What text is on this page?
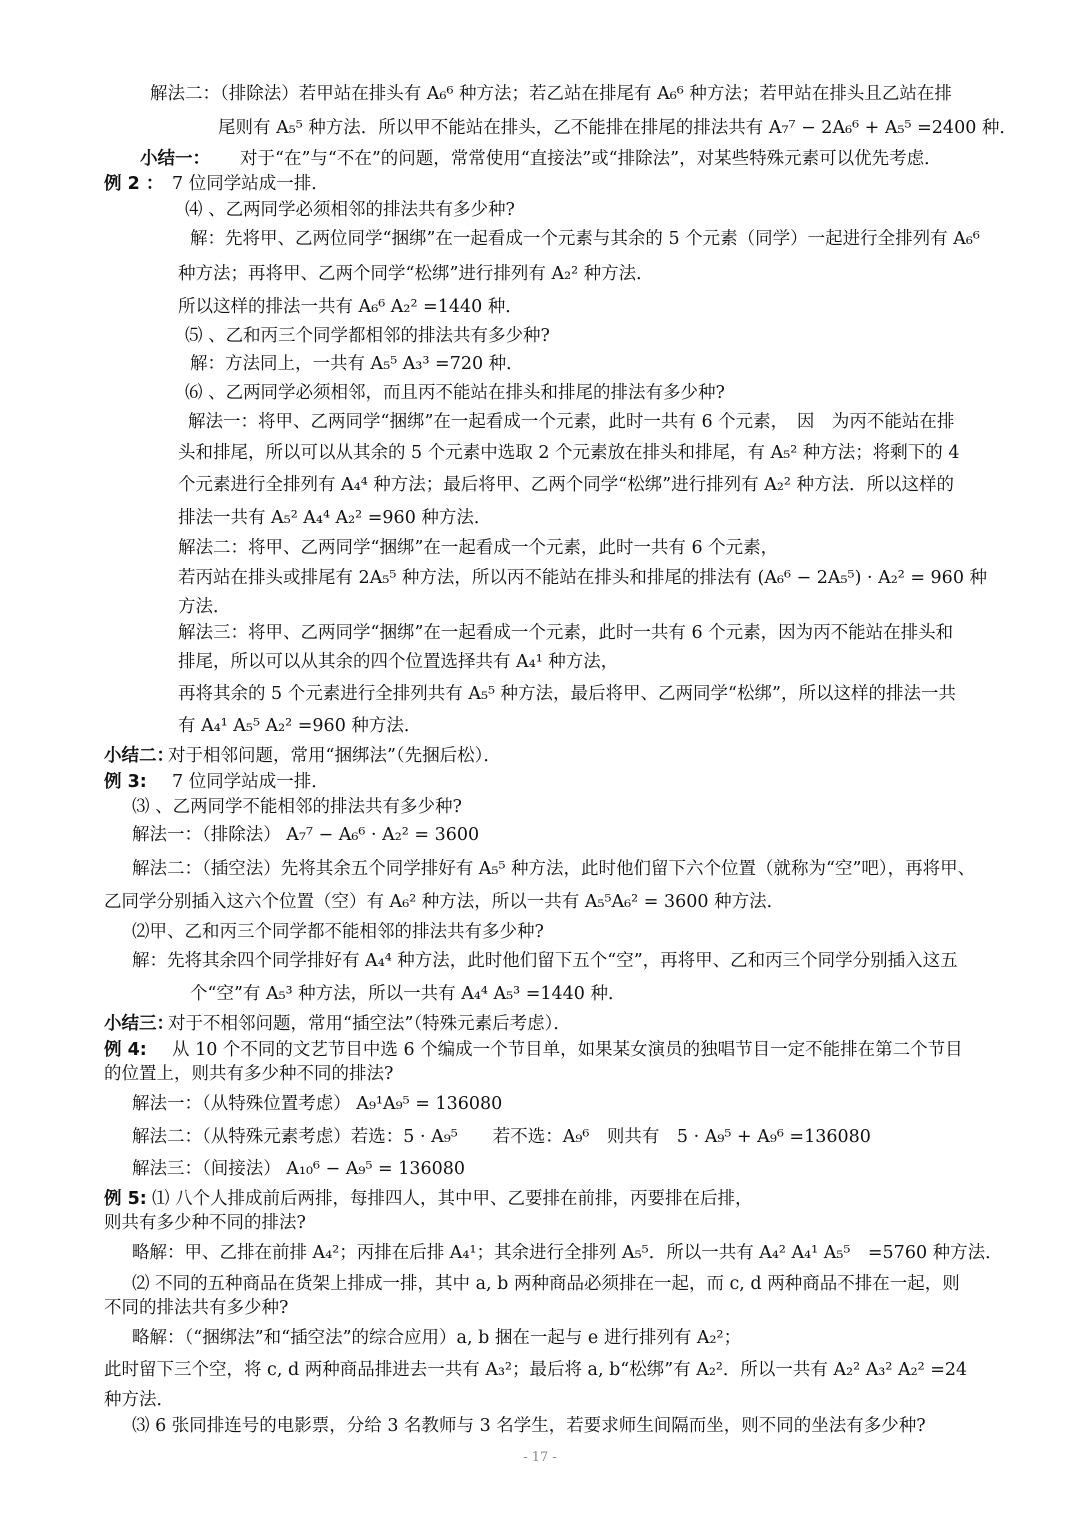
解法二：（排除法）若甲站在排头有 A₆⁶ 种方法；若乙站在排尾有 A₆⁶ 种方法；若甲站在排头且乙站在排
尾则有 A₅⁵ 种方法．所以甲不能站在排头，乙不能排在排尾的排法共有 A₇⁷ − 2A₆⁶ + A₅⁵ =2400 种．
小结一： 对于“在”与“不在”的问题，常常使用“直接法”或“排除法”，对某些特殊元素可以优先考虑．
例 2 ： 7 位同学站成一排．
⑷ 、乙两同学必须相邻的排法共有多少种?
解：先将甲、乙两位同学“捆绑”在一起看成一个元素与其余的 5 个元素（同学）一起进行全排列有 A₆⁶
种方法；再将甲、乙两个同学“松绑”进行排列有 A₂² 种方法．
所以这样的排法一共有 A₆⁶ A₂² =1440 种．
⑸ 、乙和丙三个同学都相邻的排法共有多少种?
解：方法同上，一共有 A₅⁵ A₃³ =720 种．
⑹ 、乙两同学必须相邻，而且丙不能站在排头和排尾的排法有多少种?
解法一：将甲、乙两同学“捆绑”在一起看成一个元素，此时一共有 6 个元素，　因　为丙不能站在排
头和排尾，所以可以从其余的 5 个元素中选取 2 个元素放在排头和排尾，有 A₅² 种方法；将剩下的 4
个元素进行全排列有 A₄⁴ 种方法；最后将甲、乙两个同学“松绑”进行排列有 A₂² 种方法．所以这样的
排法一共有 A₅² A₄⁴ A₂² =960 种方法．
解法二：将甲、乙两同学“捆绑”在一起看成一个元素，此时一共有 6 个元素，
若丙站在排头或排尾有 2A₅⁵ 种方法，所以丙不能站在排头和排尾的排法有 (A₆⁶ − 2A₅⁵) · A₂² = 960 种
方法．
解法三：将甲、乙两同学“捆绑”在一起看成一个元素，此时一共有 6 个元素，因为丙不能站在排头和
排尾，所以可以从其余的四个位置选择共有 A₄¹ 种方法，
再将其余的 5 个元素进行全排列共有 A₅⁵ 种方法，最后将甲、乙两同学“松绑”，所以这样的排法一共
有 A₄¹ A₅⁵ A₂² =960 种方法．
小结二：
对于相邻问题，常用“捆绑法”（先捆后松）．
例 3: 7 位同学站成一排．
⑶ 、乙两同学不能相邻的排法共有多少种?
解法一：（排除法） A₇⁷ − A₆⁶ · A₂² = 3600
解法二：（插空法）先将其余五个同学排好有 A₅⁵ 种方法，此时他们留下六个位置（就称为“空”吧），再将甲、
乙同学分别插入这六个位置（空）有 A₆² 种方法，所以一共有 A₅⁵A₆² = 3600 种方法．
⑵甲、乙和丙三个同学都不能相邻的排法共有多少种?
解：先将其余四个同学排好有 A₄⁴ 种方法，此时他们留下五个“空”，再将甲、乙和丙三个同学分别插入这五
个“空”有 A₅³ 种方法，所以一共有 A₄⁴ A₅³ =1440 种．
小结三：
对于不相邻问题，常用“插空法”（特殊元素后考虑）．
例 4: 从 10 个不同的文艺节目中选 6 个编成一个节目单，如果某女演员的独唱节目一定不能排在第二个节目
的位置上，则共有多少种不同的排法?
解法一：（从特殊位置考虑） A₉¹A₉⁵ = 136080
解法二：（从特殊元素考虑）若选：5 · A₉⁵　　若不选：A₉⁶　则共有　5 · A₉⁵ + A₉⁶ =136080
解法三：（间接法） A₁₀⁶ − A₉⁵ = 136080
例 5: ⑴ 八个人排成前后两排，每排四人，其中甲、乙要排在前排，丙要排在后排，
则共有多少种不同的排法?
略解：甲、乙排在前排 A₄²；丙排在后排 A₄¹；其余进行全排列 A₅⁵．所以一共有 A₄² A₄¹ A₅⁵　=5760 种方法．
⑵ 不同的五种商品在货架上排成一排，其中 a, b 两种商品必须排在一起，而 c, d 两种商品不排在一起，则
不同的排法共有多少种?
略解：（“捆绑法”和“插空法”的综合应用）a, b 捆在一起与 e 进行排列有 A₂²；
此时留下三个空，将 c, d 两种商品排进去一共有 A₃²；最后将 a, b“松绑”有 A₂²．所以一共有 A₂² A₃² A₂² =24
种方法．
⑶ 6 张同排连号的电影票，分给 3 名教师与 3 名学生，若要求师生间隔而坐，则不同的坐法有多少种?
- 17 -
